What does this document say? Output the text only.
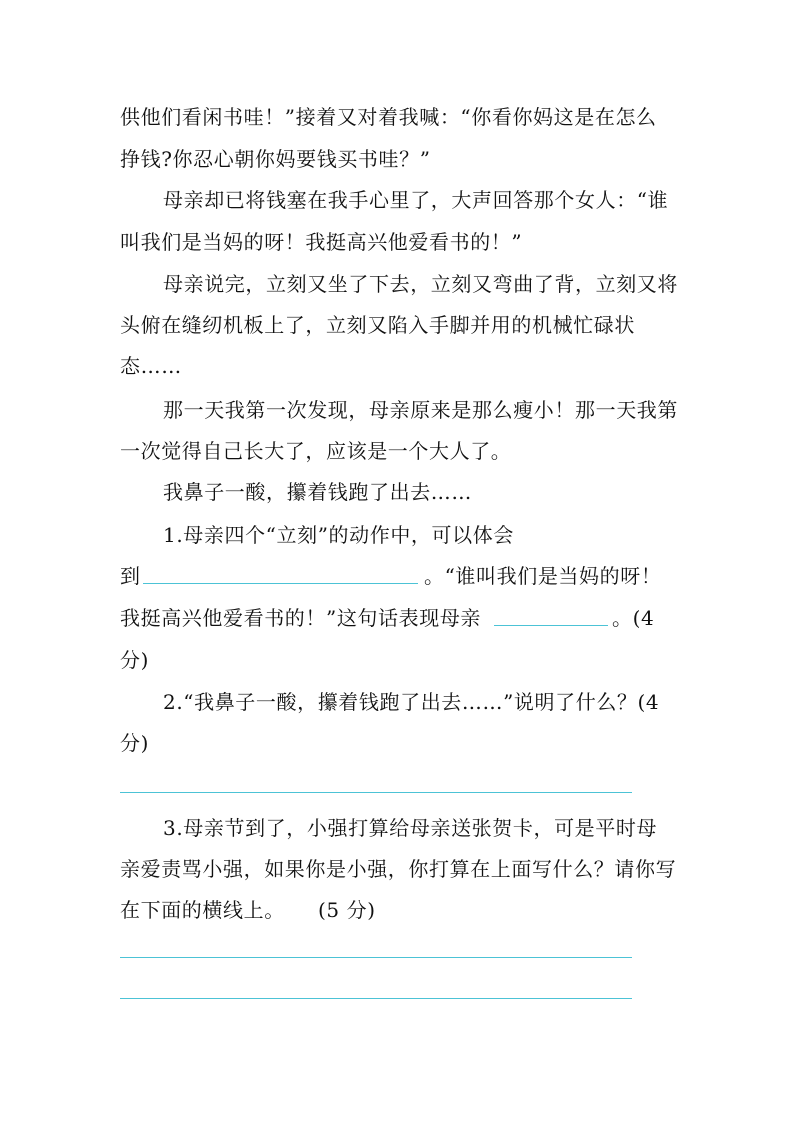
供他们看闲书哇！”接着又对着我喊：“你看你妈这是在怎么
挣钱?你忍心朝你妈要钱买书哇？”
母亲却已将钱塞在我手心里了，大声回答那个女人：“谁
叫我们是当妈的呀！我挺高兴他爱看书的！”
母亲说完，立刻又坐了下去，立刻又弯曲了背，立刻又将
头俯在缝纫机板上了，立刻又陷入手脚并用的机械忙碌状
态……
那一天我第一次发现，母亲原来是那么瘦小！那一天我第
一次觉得自己长大了，应该是一个大人了。
我鼻子一酸，攥着钱跑了出去……
1.母亲四个“立刻”的动作中，可以体会
到	。“谁叫我们是当妈的呀！
我挺高兴他爱看书的！”这句话表现母亲	。(4
分)
2.“我鼻子一酸，攥着钱跑了出去……”说明了什么？(4
分)
3.母亲节到了，小强打算给母亲送张贺卡，可是平时母
亲爱责骂小强，如果你是小强，你打算在上面写什么？请你写
在下面的横线上。 (5 分)
